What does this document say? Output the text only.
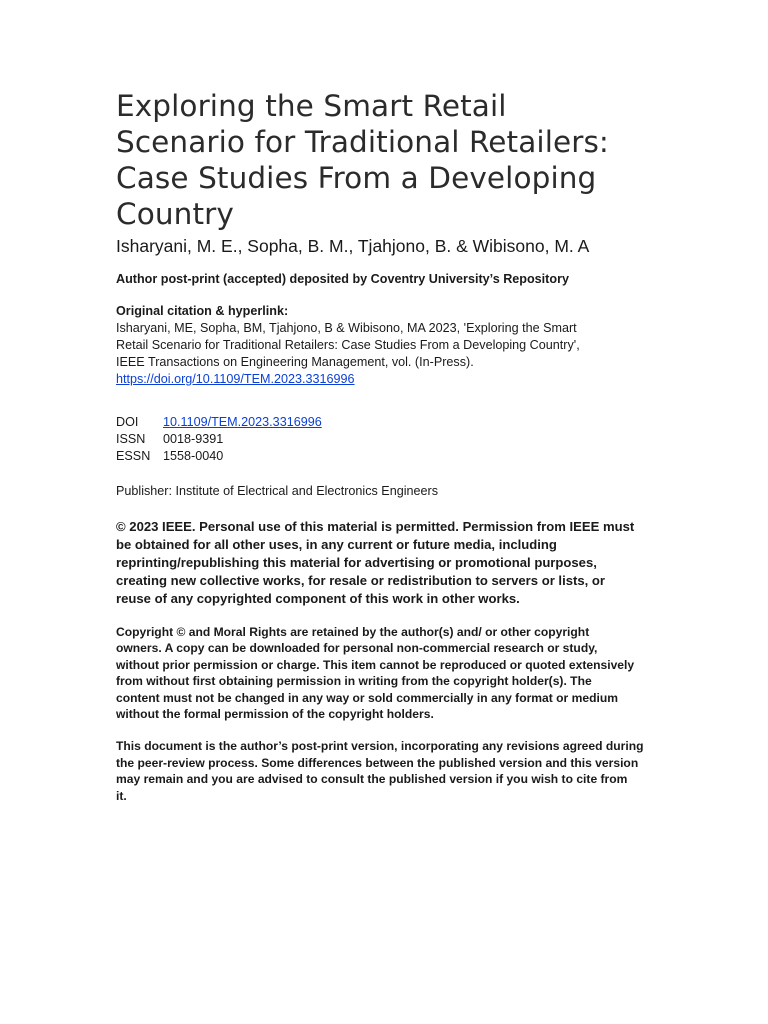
Exploring the Smart Retail
Scenario for Traditional Retailers:
Case Studies From a Developing
Country
Isharyani, M. E., Sopha, B. M., Tjahjono, B. & Wibisono, M. A

Author post-print (accepted) deposited by Coventry University’s Repository

Original citation & hyperlink:

Isharyani, ME, Sopha, BM, Tjahjono, B & Wibisono, MA 2023, 'Exploring the Smart

Retail Scenario for Traditional Retailers: Case Studies From a Developing Country',

IEEE Transactions on Engineering Management, vol. (In-Press).

https://doi.org/10.1109/TEM.2023.3316996

DOI	10.1109/TEM.2023.3316996
ISSN	0018-9391
ESSN	1558-0040

Publisher: Institute of Electrical and Electronics Engineers

© 2023 IEEE. Personal use of this material is permitted. Permission from IEEE must
be obtained for all other uses, in any current or future media, including
reprinting/republishing this material for advertising or promotional purposes,
creating new collective works, for resale or redistribution to servers or lists, or
reuse of any copyrighted component of this work in other works.
Copyright © and Moral Rights are retained by the author(s) and/ or other copyright
owners. A copy can be downloaded for personal non-commercial research or study,
without prior permission or charge. This item cannot be reproduced or quoted extensively
from without first obtaining permission in writing from the copyright holder(s). The
content must not be changed in any way or sold commercially in any format or medium
without the formal permission of the copyright holders.
This document is the author’s post-print version, incorporating any revisions agreed during
the peer-review process. Some differences between the published version and this version
may remain and you are advised to consult the published version if you wish to cite from
it.
